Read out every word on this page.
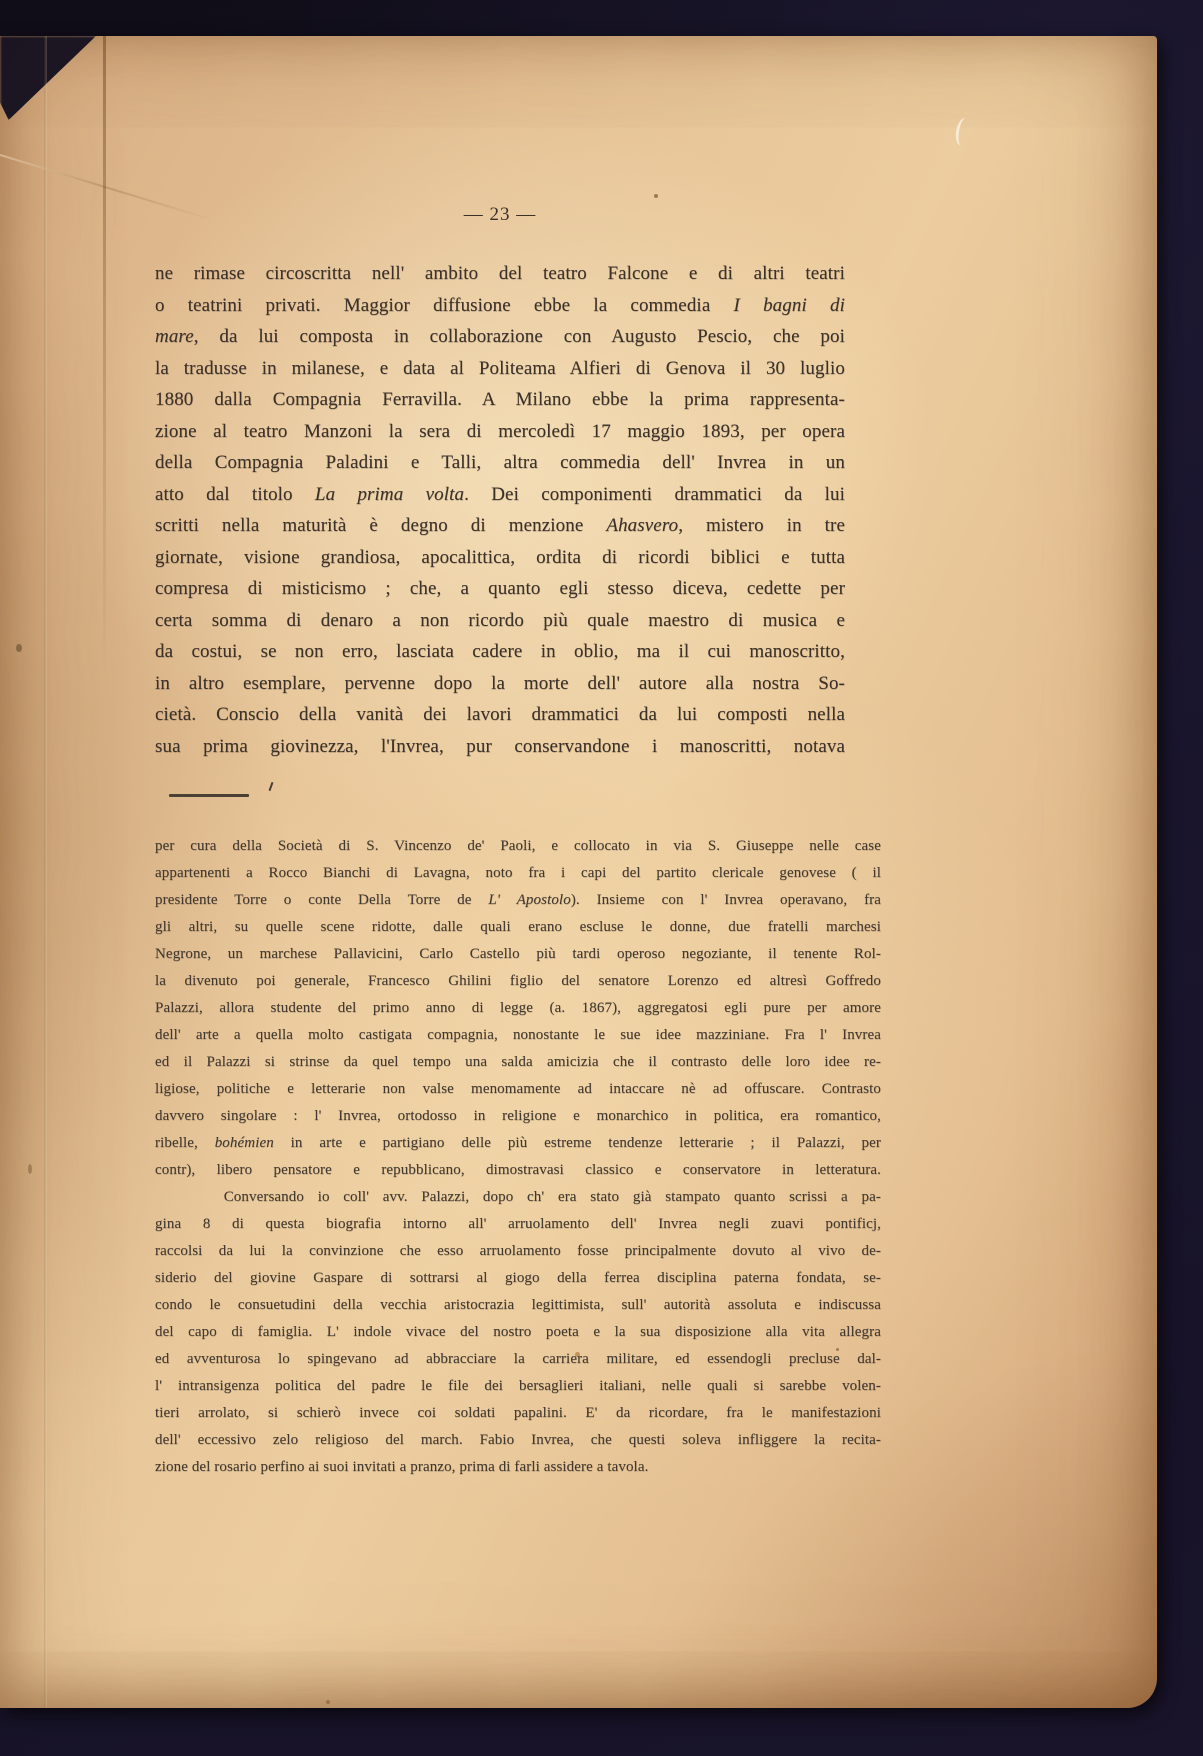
— 23 —
ne rimase circoscritta nell' ambito del teatro Falcone e di altri teatri
o teatrini privati. Maggior diffusione ebbe la commedia I bagni di
mare, da lui composta in collaborazione con Augusto Pescio, che poi
la tradusse in milanese, e data al Politeama Alfieri di Genova il 30 luglio
1880 dalla Compagnia Ferravilla. A Milano ebbe la prima rappresenta-
zione al teatro Manzoni la sera di mercoledì 17 maggio 1893, per opera
della Compagnia Paladini e Talli, altra commedia dell' Invrea in un
atto dal titolo La prima volta. Dei componimenti drammatici da lui
scritti nella maturità è degno di menzione Ahasvero, mistero in tre
giornate, visione grandiosa, apocalittica, ordita di ricordi biblici e tutta
compresa di misticismo ; che, a quanto egli stesso diceva, cedette per
certa somma di denaro a non ricordo più quale maestro di musica e
da costui, se non erro, lasciata cadere in oblio, ma il cui manoscritto,
in altro esemplare, pervenne dopo la morte dell' autore alla nostra So-
cietà. Conscio della vanità dei lavori drammatici da lui composti nella
sua prima giovinezza, l'Invrea, pur conservandone i manoscritti, notava
per cura della Società di S. Vincenzo de' Paoli, e collocato in via S. Giuseppe nelle case
appartenenti a Rocco Bianchi di Lavagna, noto fra i capi del partito clericale genovese ( il
presidente Torre o conte Della Torre de L' Apostolo). Insieme con l' Invrea operavano, fra
gli altri, su quelle scene ridotte, dalle quali erano escluse le donne, due fratelli marchesi
Negrone, un marchese Pallavicini, Carlo Castello più tardi operoso negoziante, il tenente Rol-
la divenuto poi generale, Francesco Ghilini figlio del senatore Lorenzo ed altresì Goffredo
Palazzi, allora studente del primo anno di legge (a. 1867), aggregatosi egli pure per amore
dell' arte a quella molto castigata compagnia, nonostante le sue idee mazziniane. Fra l' Invrea
ed il Palazzi si strinse da quel tempo una salda amicizia che il contrasto delle loro idee re-
ligiose, politiche e letterarie non valse menomamente ad intaccare nè ad offuscare. Contrasto
davvero singolare : l' Invrea, ortodosso in religione e monarchico in politica, era romantico,
ribelle, bohémien in arte e partigiano delle più estreme tendenze letterarie ; il Palazzi, per
contr), libero pensatore e repubblicano, dimostravasi classico e conservatore in letteratura.
Conversando io coll' avv. Palazzi, dopo ch' era stato già stampato quanto scrissi a pa-
gina 8 di questa biografia intorno all' arruolamento dell' Invrea negli zuavi pontificj,
raccolsi da lui la convinzione che esso arruolamento fosse principalmente dovuto al vivo de-
siderio del giovine Gaspare di sottrarsi al giogo della ferrea disciplina paterna fondata, se-
condo le consuetudini della vecchia aristocrazia legittimista, sull' autorità assoluta e indiscussa
del capo di famiglia. L' indole vivace del nostro poeta e la sua disposizione alla vita allegra
ed avventurosa lo spingevano ad abbracciare la carriera militare, ed essendogli precluse dal-
l' intransigenza politica del padre le file dei bersaglieri italiani, nelle quali si sarebbe volen-
tieri arrolato, si schierò invece coi soldati papalini. E' da ricordare, fra le manifestazioni
dell' eccessivo zelo religioso del march. Fabio Invrea, che questi soleva infliggere la recita-
zione del rosario perfino ai suoi invitati a pranzo, prima di farli assidere a tavola.
